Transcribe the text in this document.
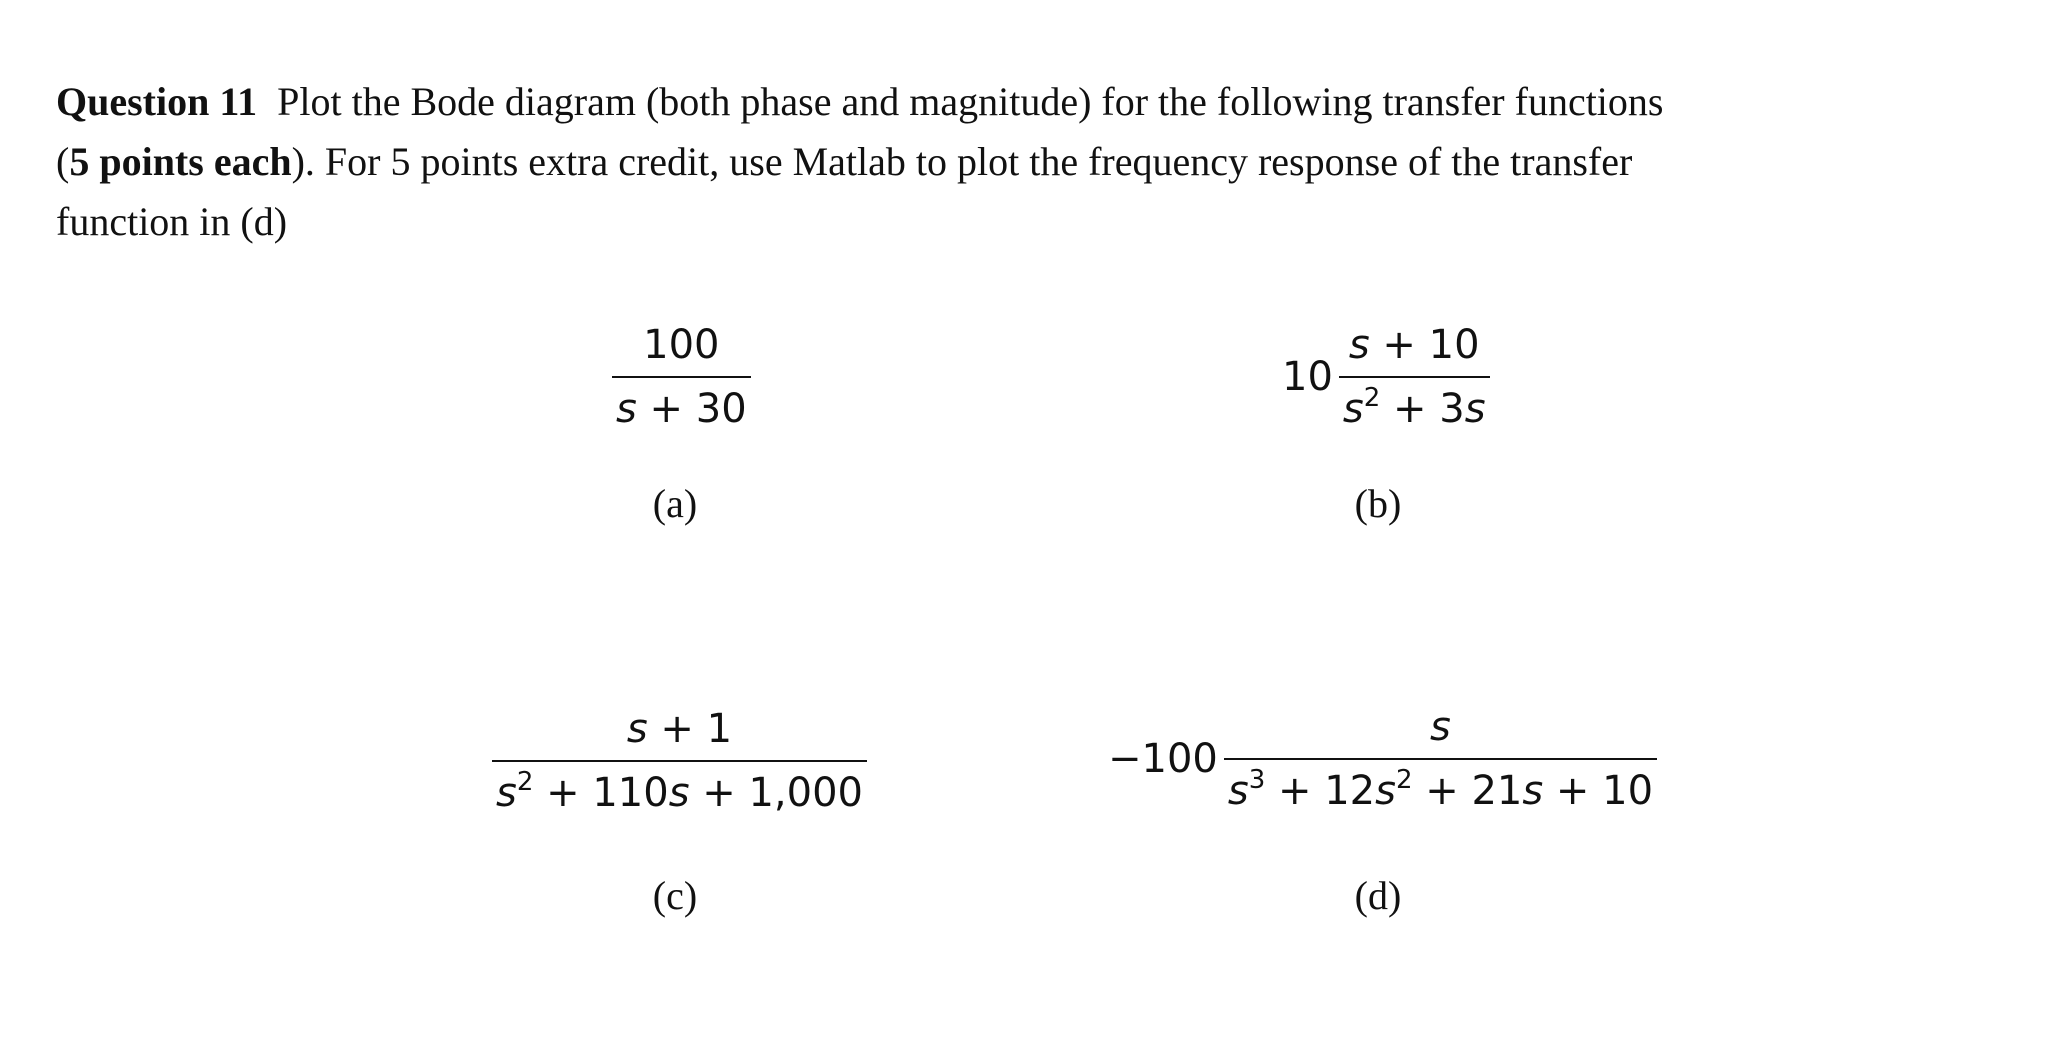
Question 11 Plot the Bode diagram (both phase and magnitude) for the following transfer functions
(5 points each). For 5 points extra credit, use Matlab to plot the frequency response of the transfer
function in (d)
$\frac{100}{s + 30}$
(a)
$10 \frac{s + 10}{s^2 + 3s}$
(b)
$\frac{s + 1}{s^2 + 110s + 1,000}$
(c)
$-100 \frac{s}{s^3 + 12s^2 + 21s + 10}$
(d)
